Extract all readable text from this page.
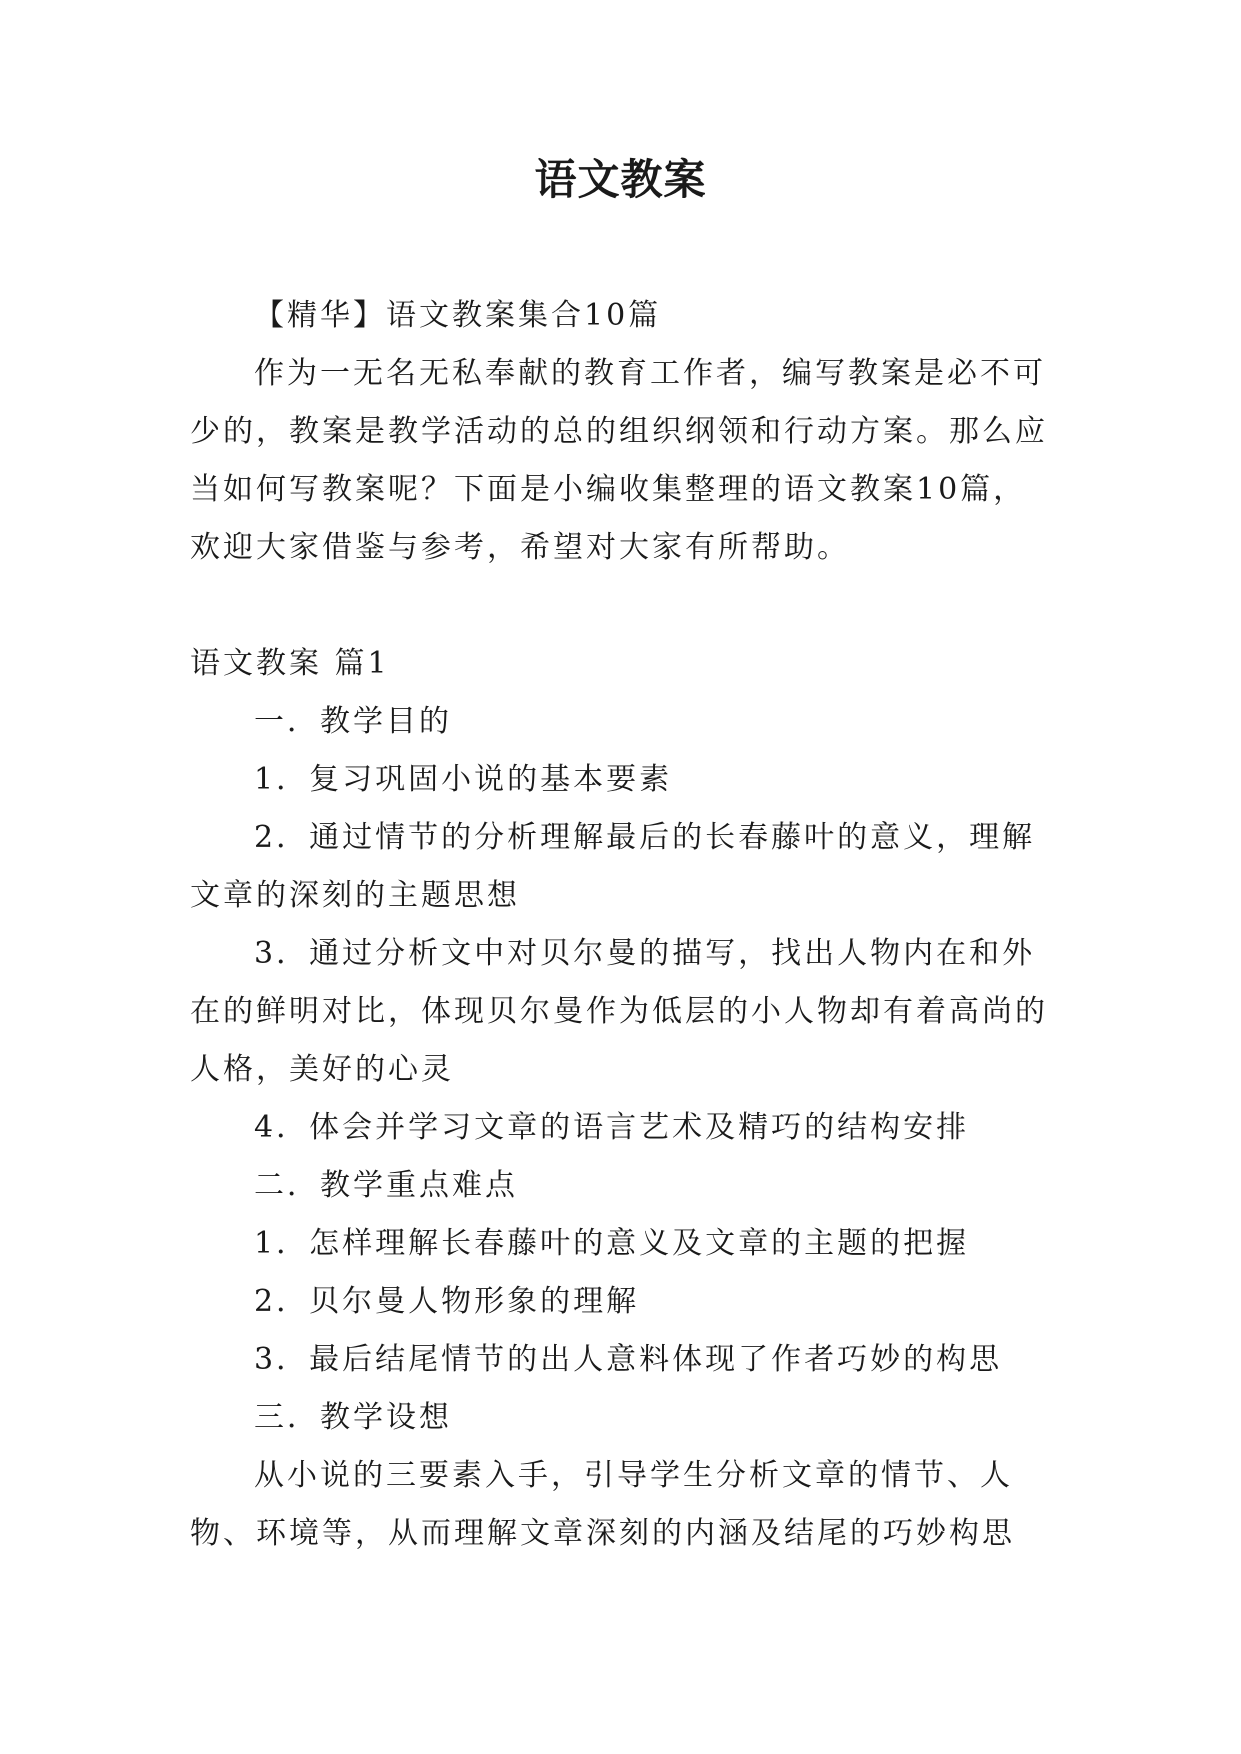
语文教案

【精华】语文教案集合10篇

作为一无名无私奉献的教育工作者，编写教案是必不可少的，教案是教学活动的总的组织纲领和行动方案。那么应当如何写教案呢？下面是小编收集整理的语文教案10篇，欢迎大家借鉴与参考，希望对大家有所帮助。

语文教案 篇1

一．教学目的

1．复习巩固小说的基本要素

2．通过情节的分析理解最后的长春藤叶的意义，理解文章的深刻的主题思想

3．通过分析文中对贝尔曼的描写，找出人物内在和外在的鲜明对比，体现贝尔曼作为低层的小人物却有着高尚的人格，美好的心灵

4．体会并学习文章的语言艺术及精巧的结构安排

二．教学重点难点

1．怎样理解长春藤叶的意义及文章的主题的把握

2．贝尔曼人物形象的理解

3．最后结尾情节的出人意料体现了作者巧妙的构思

三．教学设想

从小说的三要素入手，引导学生分析文章的情节、人物、环境等，从而理解文章深刻的内涵及结尾的巧妙构思
